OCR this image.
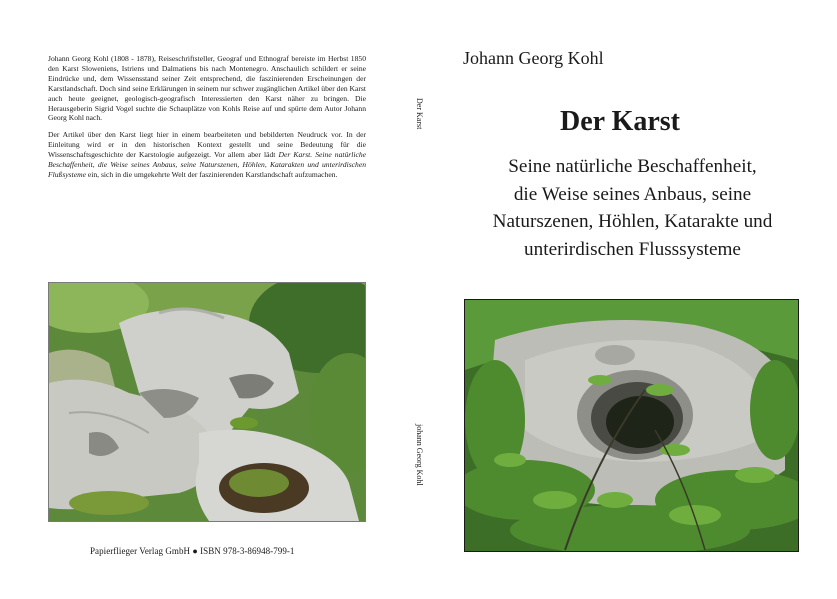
Johann Georg Kohl (1808 - 1878), Reiseschriftsteller, Geograf und Ethnograf bereiste im Herbst 1850 den Karst Sloweniens, Istriens und Dalmatiens bis nach Montenegro. Anschaulich schildert er seine Eindrücke und, dem Wissensstand seiner Zeit entsprechend, die faszinierenden Erscheinungen der Karstlandschaft. Doch sind seine Erklärungen in seinem nur schwer zugänglichen Artikel über den Karst auch heute geeignet, geologisch-geografisch Interessierten den Karst näher zu bringen. Die Herausgeberin Sigrid Vogel suchte die Schauplätze von Kohls Reise auf und spürte dem Autor Johann Georg Kohl nach.

Der Artikel über den Karst liegt hier in einem bearbeiteten und bebilderten Neudruck vor. In der Einleitung wird er in den historischen Kontext gestellt und seine Bedeutung für die Wissenschaftsgeschichte der Karstologie aufgezeigt. Vor allem aber lädt Der Karst. Seine natürliche Beschaffenheit, die Weise seines Anbaus, seine Naturszenen, Höhlen, Katarakten und unterirdischen Flußsysteme ein, sich in die umgekehrte Welt der faszinierenden Karstlandschaft aufzumachen.

Papierflieger Verlag GmbH ● ISBN 978-3-86948-799-1
Der Karst
johann Georg Kohl
Johann Georg Kohl
Der Karst
Seine natürliche Beschaffenheit,
die Weise seines Anbaus, seine
Naturszenen, Höhlen, Katarakte und
unterirdischen Flusssysteme
